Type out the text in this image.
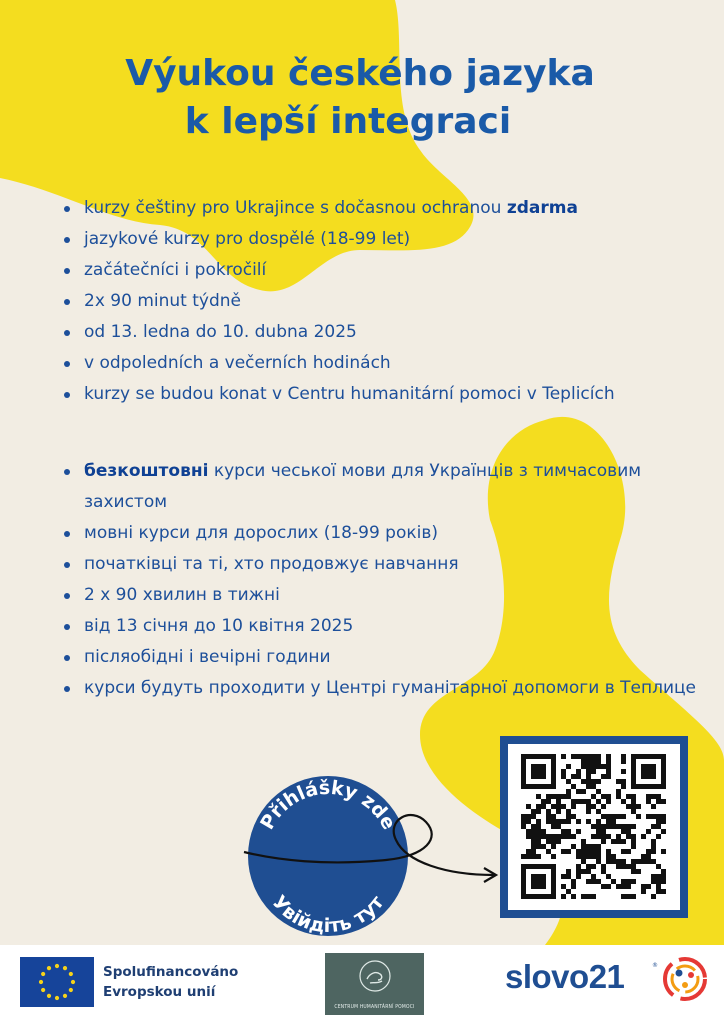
Výukou českého jazyka
k lepší integraci
kurzy češtiny pro Ukrajince s dočasnou ochranou zdarma
jazykové kurzy pro dospělé (18-99 let)
začátečníci i pokročilí
2x 90 minut týdně
od 13. ledna do 10. dubna 2025
v odpoledních a večerních hodinách
kurzy se budou konat v Centru humanitární pomoci v Teplicích
безкоштовні курси чеської мови для Українців з тимчасовим захистом
мовні курси для дорослих (18-99 років)
початківці та ті, хто продовжує навчання
2 х 90 хвилин в тижні
від 13 січня до 10 квітня 2025
післяобідні і вечірні години
курси будуть проходити у Центрі гуманітарної допомоги в Теплице
Přihlášky zde
Увійдіть тут
Spolufinancováno
Evropskou unií
CENTRUM HUMANITÁRNÍ POMOCI
slovo21	®
